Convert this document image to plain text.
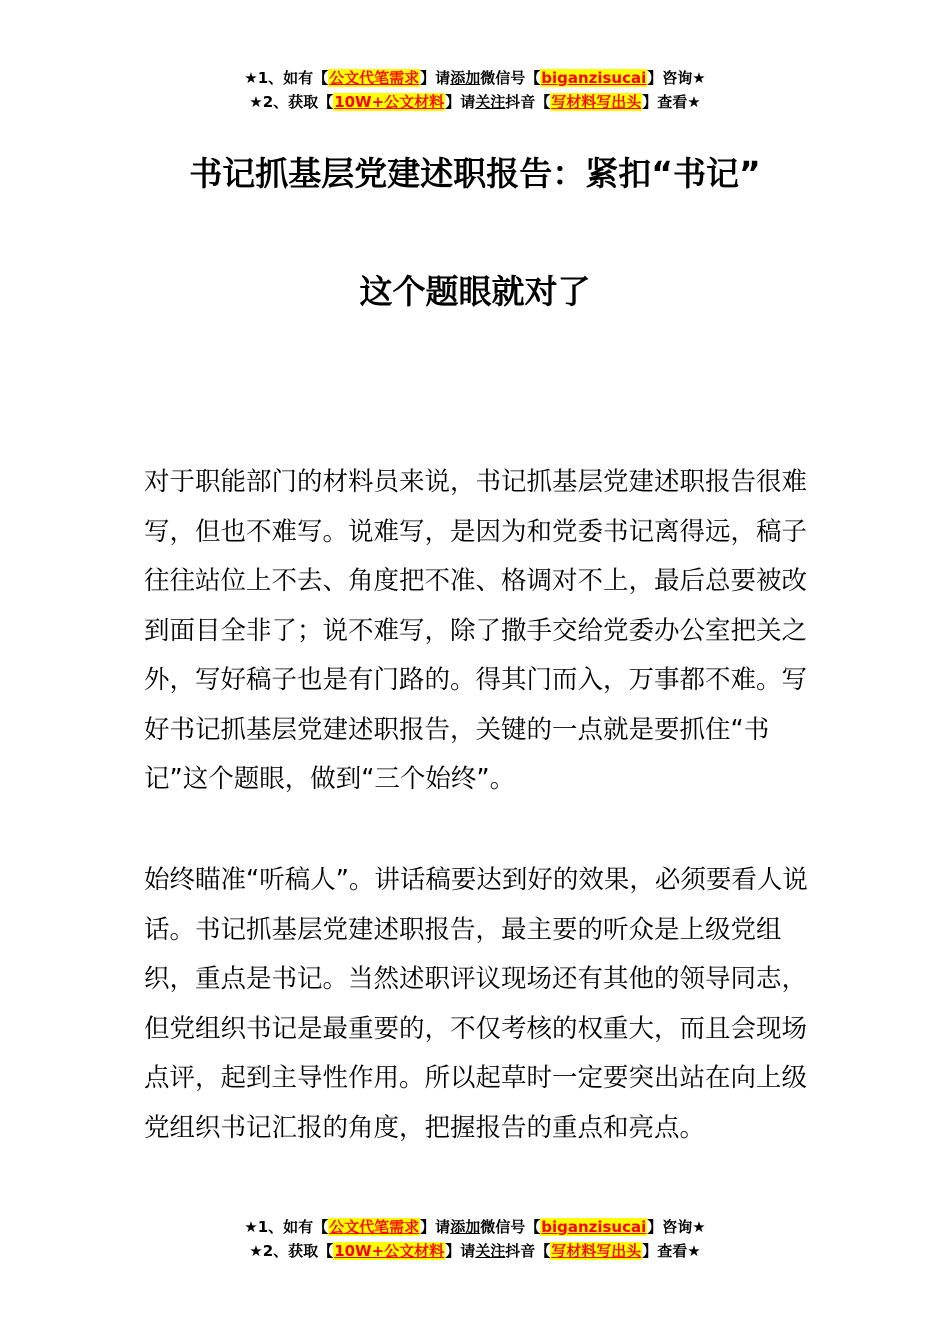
★1、如有【公文代笔需求】请添加微信号【biganzisucai】咨询★
★2、获取【10W+公文材料】请关注抖音【写材料写出头】查看★
书记抓基层党建述职报告：紧扣“书记”
这个题眼就对了

对于职能部门的材料员来说，书记抓基层党建述职报告很难写，但也不难写。说难写，是因为和党委书记离得远，稿子往往站位上不去、角度把不准、格调对不上，最后总要被改到面目全非了；说不难写，除了撒手交给党委办公室把关之外，写好稿子也是有门路的。得其门而入，万事都不难。写好书记抓基层党建述职报告，关键的一点就是要抓住“书记”这个题眼，做到“三个始终”。

始终瞄准“听稿人”。讲话稿要达到好的效果，必须要看人说话。书记抓基层党建述职报告，最主要的听众是上级党组织，重点是书记。当然述职评议现场还有其他的领导同志，但党组织书记是最重要的，不仅考核的权重大，而且会现场点评，起到主导性作用。所以起草时一定要突出站在向上级党组织书记汇报的角度，把握报告的重点和亮点。

★1、如有【公文代笔需求】请添加微信号【biganzisucai】咨询★
★2、获取【10W+公文材料】请关注抖音【写材料写出头】查看★
